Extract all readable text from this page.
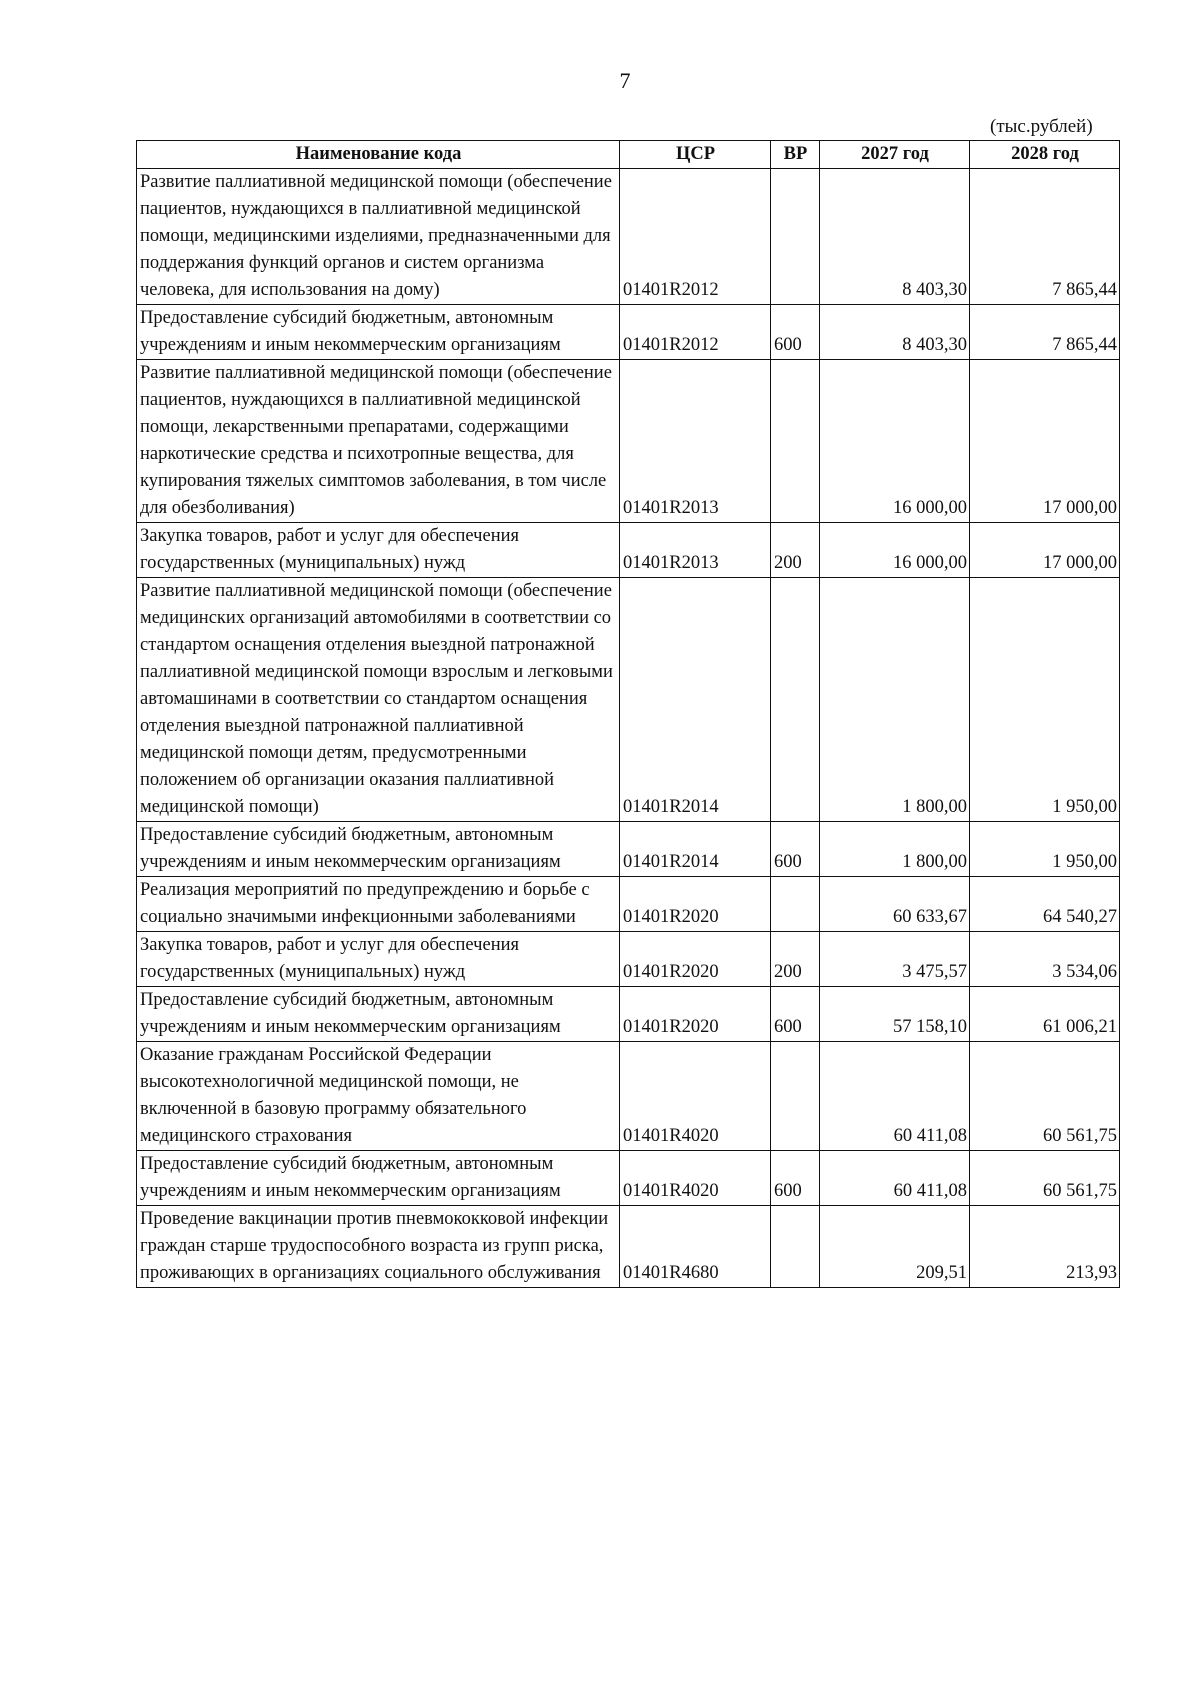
7
(тыс.рублей)
Наименование кода	ЦСР	ВР	2027 год	2028 год
Развитие паллиативной медицинской помощи (обеспечение пациентов, нуждающихся в паллиативной медицинской помощи, медицинскими изделиями, предназначенными для поддержания функций органов и систем организма человека, для использования на дому)	01401R2012		8 403,30	7 865,44
Предоставление субсидий бюджетным, автономным учреждениям и иным некоммерческим организациям	01401R2012	600	8 403,30	7 865,44
Развитие паллиативной медицинской помощи (обеспечение пациентов, нуждающихся в паллиативной медицинской помощи, лекарственными препаратами, содержащими наркотические средства и психотропные вещества, для купирования тяжелых симптомов заболевания, в том числе для обезболивания)	01401R2013		16 000,00	17 000,00
Закупка товаров, работ и услуг для обеспечения государственных (муниципальных) нужд	01401R2013	200	16 000,00	17 000,00
Развитие паллиативной медицинской помощи (обеспечение медицинских организаций автомобилями в соответствии со стандартом оснащения отделения выездной патронажной паллиативной медицинской помощи взрослым и легковыми автомашинами в соответствии со стандартом оснащения отделения выездной патронажной паллиативной медицинской помощи детям, предусмотренными положением об организации оказания паллиативной медицинской помощи)	01401R2014		1 800,00	1 950,00
Предоставление субсидий бюджетным, автономным учреждениям и иным некоммерческим организациям	01401R2014	600	1 800,00	1 950,00
Реализация мероприятий по предупреждению и борьбе с социально значимыми инфекционными заболеваниями	01401R2020		60 633,67	64 540,27
Закупка товаров, работ и услуг для обеспечения государственных (муниципальных) нужд	01401R2020	200	3 475,57	3 534,06
Предоставление субсидий бюджетным, автономным учреждениям и иным некоммерческим организациям	01401R2020	600	57 158,10	61 006,21
Оказание гражданам Российской Федерации высокотехнологичной медицинской помощи, не включенной в базовую программу обязательного медицинского страхования	01401R4020		60 411,08	60 561,75
Предоставление субсидий бюджетным, автономным учреждениям и иным некоммерческим организациям	01401R4020	600	60 411,08	60 561,75
Проведение вакцинации против пневмококковой инфекции граждан старше трудоспособного возраста из групп риска, проживающих в организациях социального обслуживания	01401R4680		209,51	213,93
